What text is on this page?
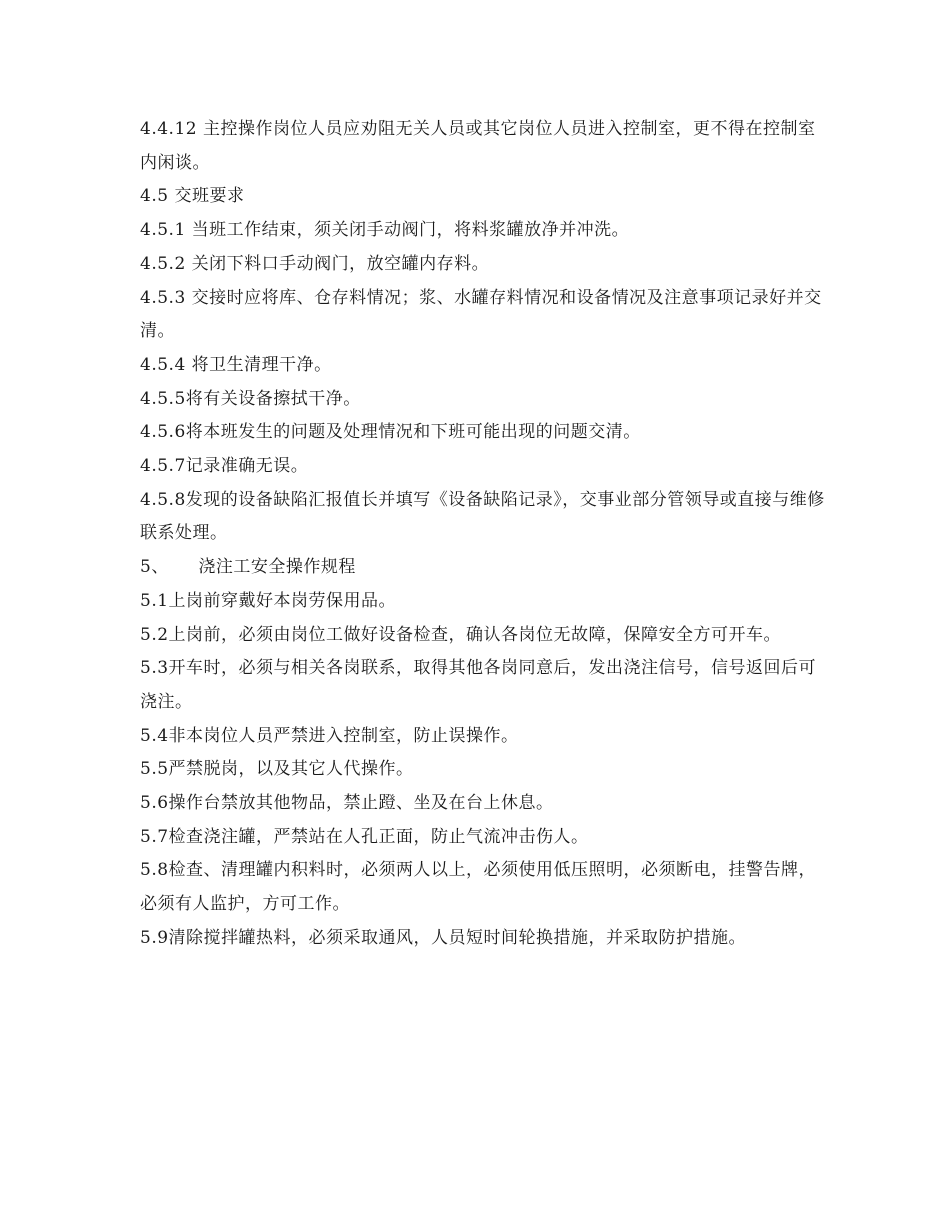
4.4.12 主控操作岗位人员应劝阻无关人员或其它岗位人员进入控制室，更不得在控制室内闲谈。

4.5 交班要求

4.5.1 当班工作结束，须关闭手动阀门，将料浆罐放净并冲洗。

4.5.2 关闭下料口手动阀门，放空罐内存料。

4.5.3 交接时应将库、仓存料情况；浆、水罐存料情况和设备情况及注意事项记录好并交清。

4.5.4 将卫生清理干净。

4.5.5将有关设备擦拭干净。

4.5.6将本班发生的问题及处理情况和下班可能出现的问题交清。

4.5.7记录准确无误。

4.5.8发现的设备缺陷汇报值长并填写《设备缺陷记录》，交事业部分管领导或直接与维修联系处理。

5、     浇注工安全操作规程

5.1上岗前穿戴好本岗劳保用品。

5.2上岗前，必须由岗位工做好设备检查，确认各岗位无故障，保障安全方可开车。

5.3开车时，必须与相关各岗联系，取得其他各岗同意后，发出浇注信号，信号返回后可浇注。

5.4非本岗位人员严禁进入控制室，防止误操作。

5.5严禁脱岗，以及其它人代操作。

5.6操作台禁放其他物品，禁止蹬、坐及在台上休息。

5.7检查浇注罐，严禁站在人孔正面，防止气流冲击伤人。

5.8检查、清理罐内积料时，必须两人以上，必须使用低压照明，必须断电，挂警告牌，必须有人监护，方可工作。

5.9清除搅拌罐热料，必须采取通风，人员短时间轮换措施，并采取防护措施。
